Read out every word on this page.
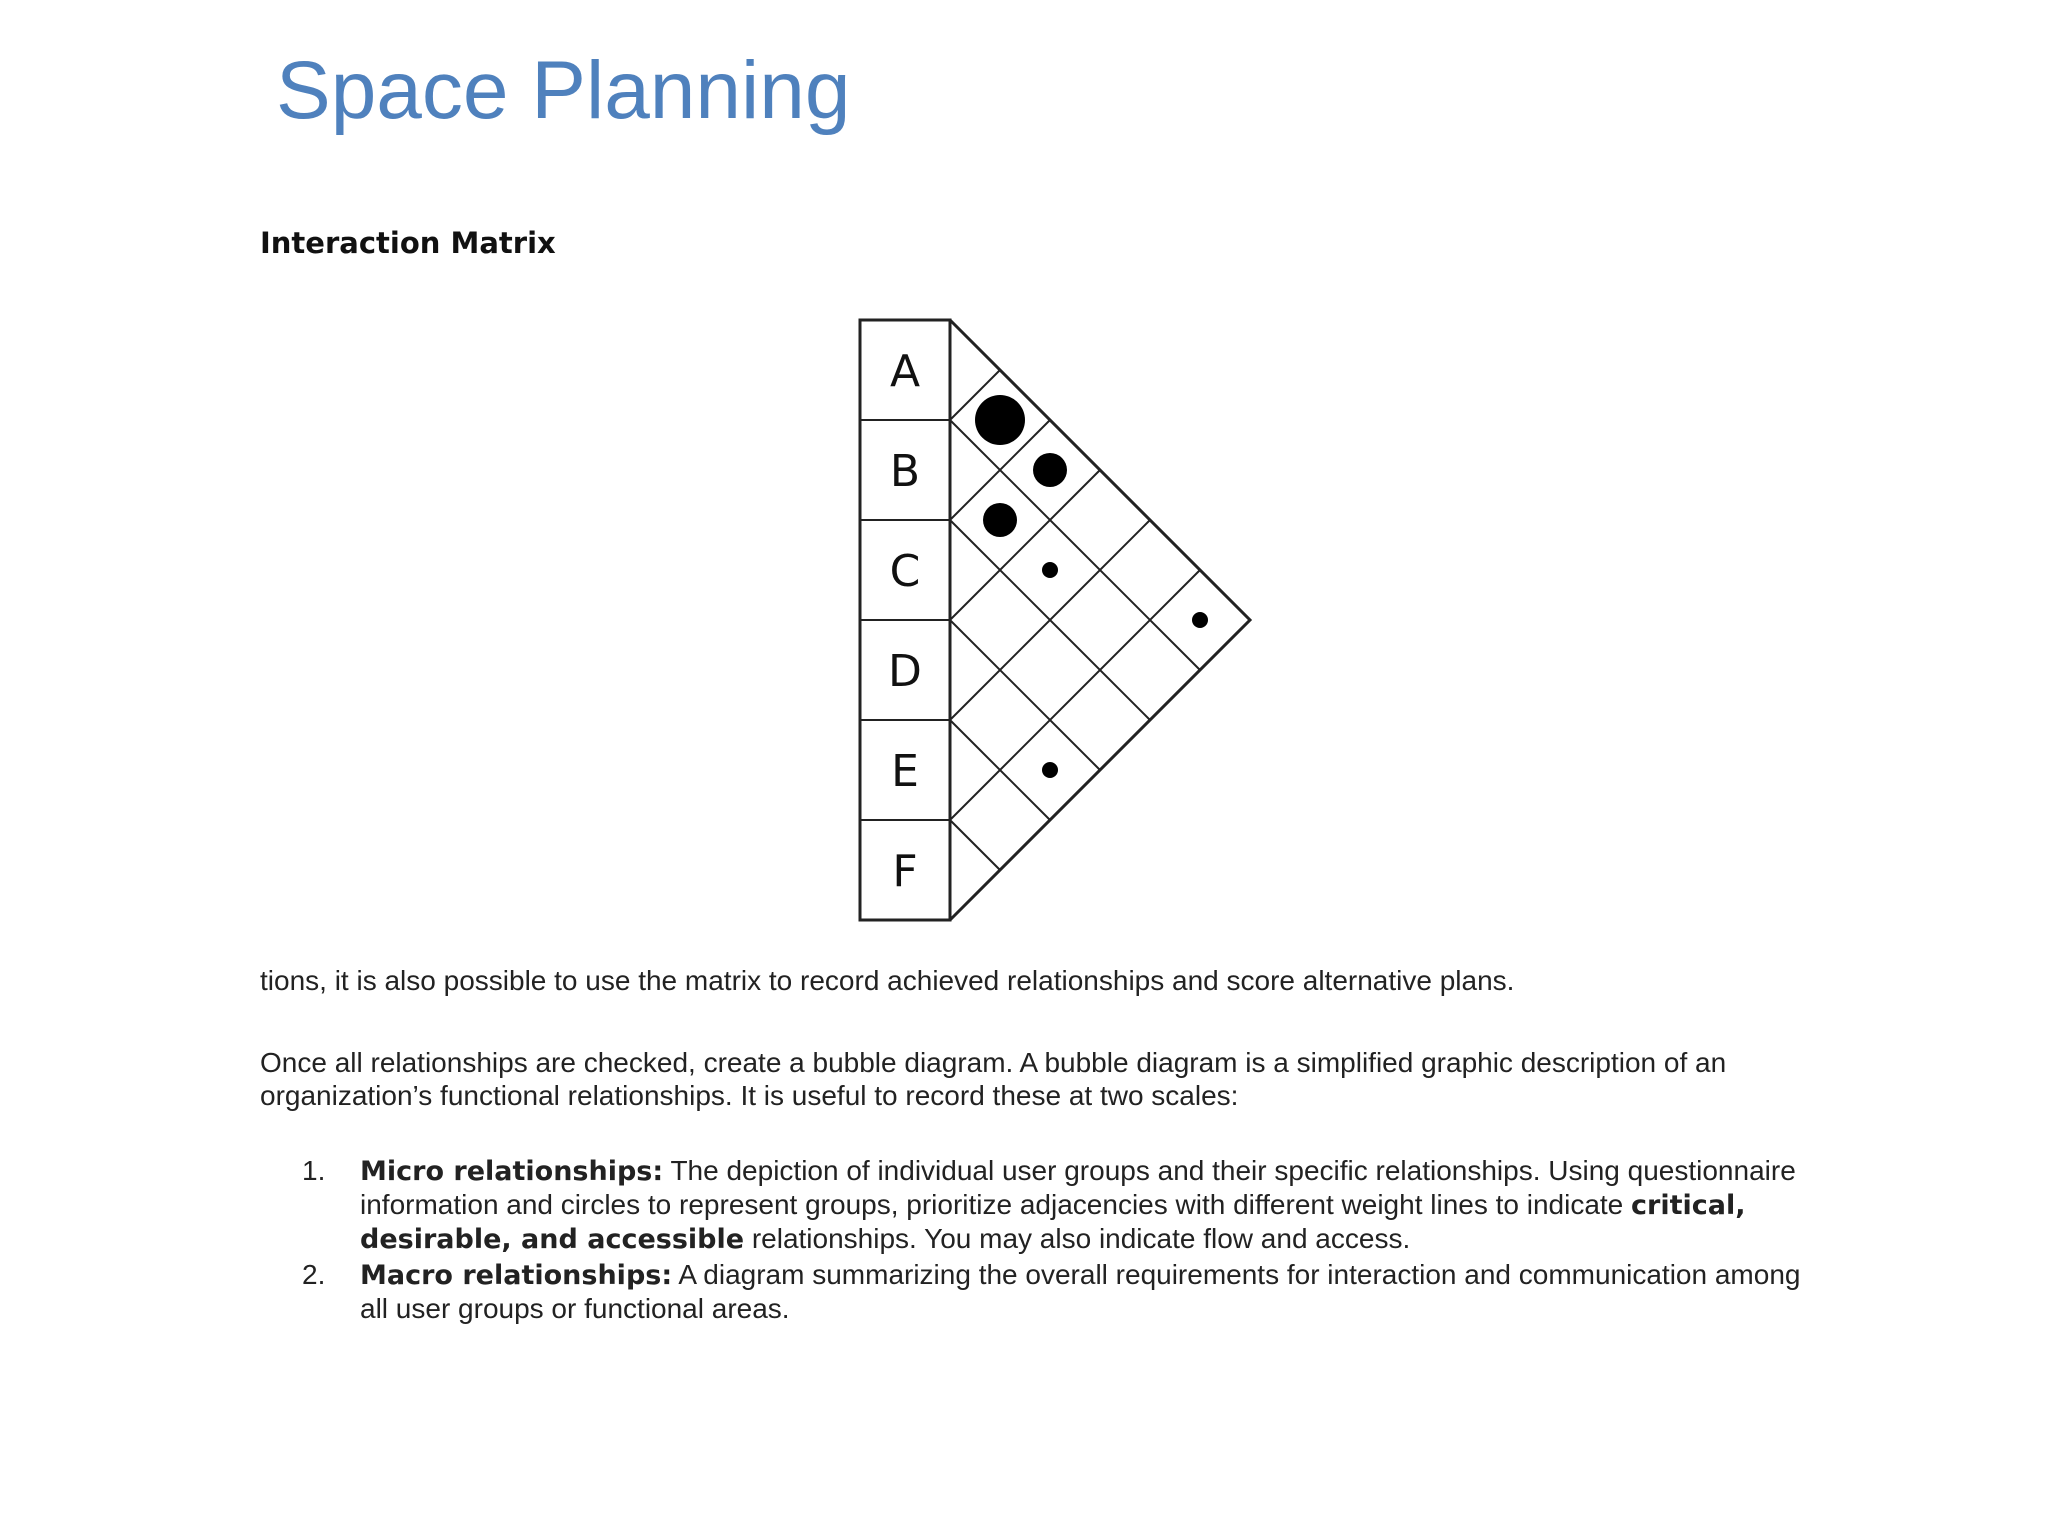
Space Planning
Interaction Matrix
A
B
C
D
E
F

tions, it is also possible to use the matrix to record achieved relationships and score alternative plans.

Once all relationships are checked, create a bubble diagram. A bubble diagram is a simplified graphic description of an organization’s functional relationships. It is useful to record these at two scales:

1. Micro relationships: The depiction of individual user groups and their specific relationships. Using questionnaire information and circles to represent groups, prioritize adjacencies with different weight lines to indicate critical, desirable, and accessible relationships. You may also indicate flow and access.
2. Macro relationships: A diagram summarizing the overall requirements for interaction and communication among all user groups or functional areas.
